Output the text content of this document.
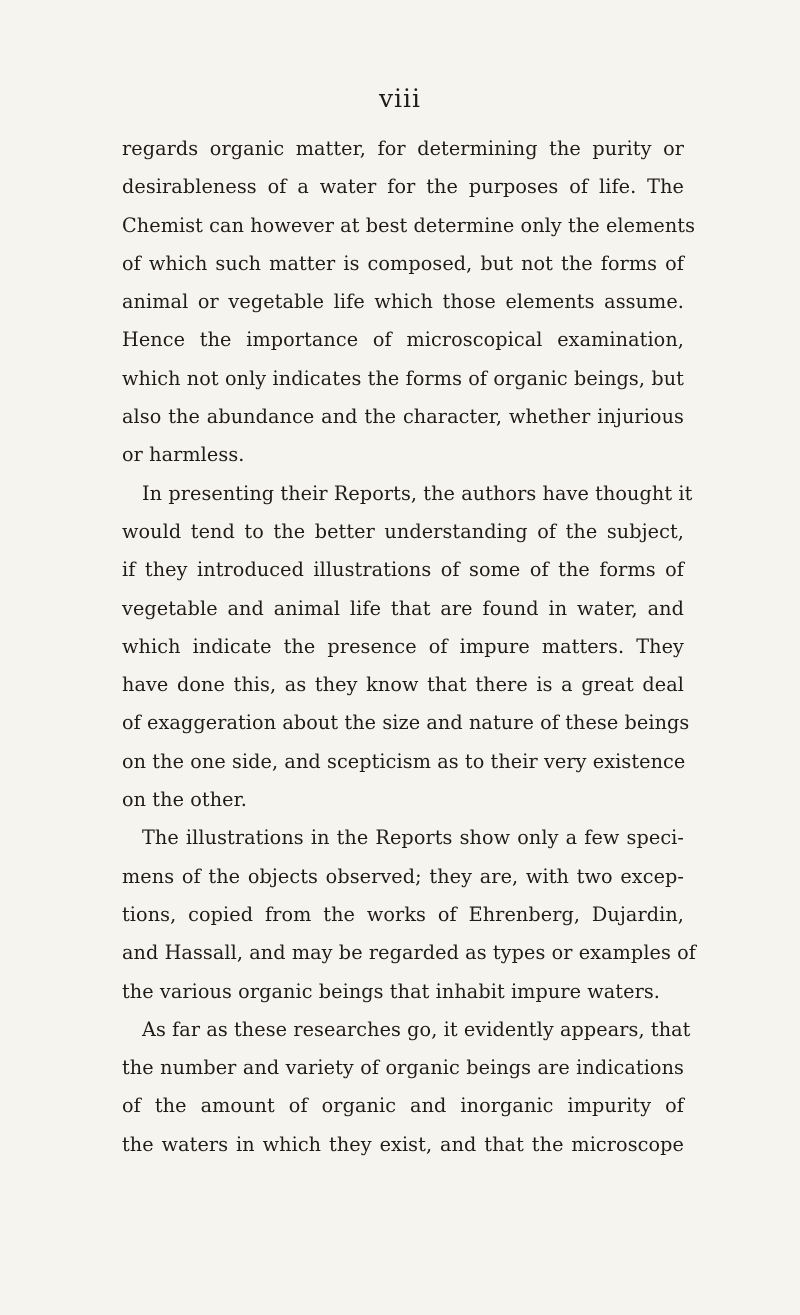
viii
regards organic matter, for determining the purity or
desirableness of a water for the purposes of life. The
Chemist can however at best determine only the elements
of which such matter is composed, but not the forms of
animal or vegetable life which those elements assume.
Hence the importance of microscopical examination,
which not only indicates the forms of organic beings, but
also the abundance and the character, whether injurious
or harmless.
In presenting their Reports, the authors have thought it
would tend to the better understanding of the subject,
if they introduced illustrations of some of the forms of
vegetable and animal life that are found in water, and
which indicate the presence of impure matters. They
have done this, as they know that there is a great deal
of exaggeration about the size and nature of these beings
on the one side, and scepticism as to their very existence
on the other.
The illustrations in the Reports show only a few speci-
mens of the objects observed; they are, with two excep-
tions, copied from the works of Ehrenberg, Dujardin,
and Hassall, and may be regarded as types or examples of
the various organic beings that inhabit impure waters.
As far as these researches go, it evidently appears, that
the number and variety of organic beings are indications
of the amount of organic and inorganic impurity of
the waters in which they exist, and that the microscope
